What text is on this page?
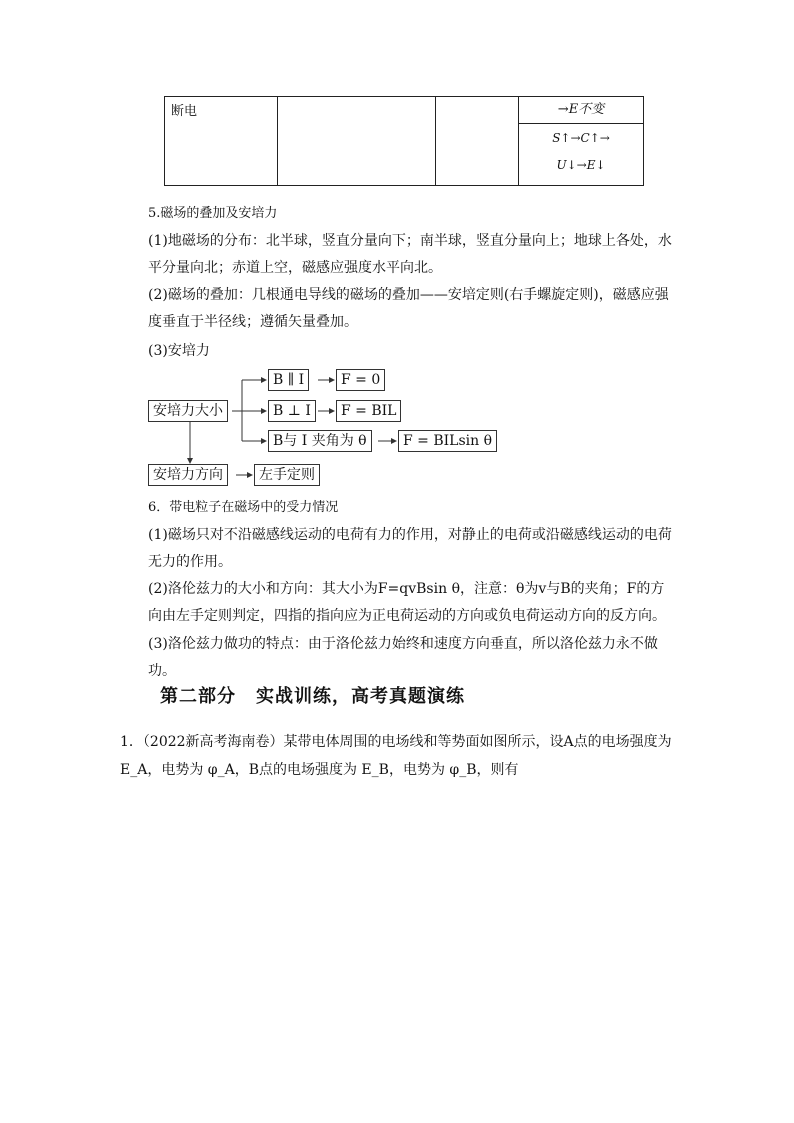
断电			→E不变
S↑→C↑→
U↓→E↓
5.磁场的叠加及安培力
(1)地磁场的分布：北半球，竖直分量向下；南半球，竖直分量向上；地球上各处，水平分量向北；赤道上空，磁感应强度水平向北。
(2)磁场的叠加：几根通电导线的磁场的叠加——安培定则(右手螺旋定则)，磁感应强度垂直于半径线；遵循矢量叠加。
(3)安培力
安培力大小
B ∥ I	F = 0
B ⊥ I	F = BIL
B与 I 夹角为 θ	F = BILsin θ
安培力方向	左手定则
6．带电粒子在磁场中的受力情况
(1)磁场只对不沿磁感线运动的电荷有力的作用，对静止的电荷或沿磁感线运动的电荷无力的作用。
(2)洛伦兹力的大小和方向：其大小为F=qvBsin θ，注意：θ为v与B的夹角；F的方向由左手定则判定，四指的指向应为正电荷运动的方向或负电荷运动方向的反方向。
(3)洛伦兹力做功的特点：由于洛伦兹力始终和速度方向垂直，所以洛伦兹力永不做功。
第二部分 实战训练，高考真题演练
1．（2022新高考海南卷）某带电体周围的电场线和等势面如图所示，设A点的电场强度为
E_A，电势为 φ_A，B点的电场强度为 E_B，电势为 φ_B，则有
